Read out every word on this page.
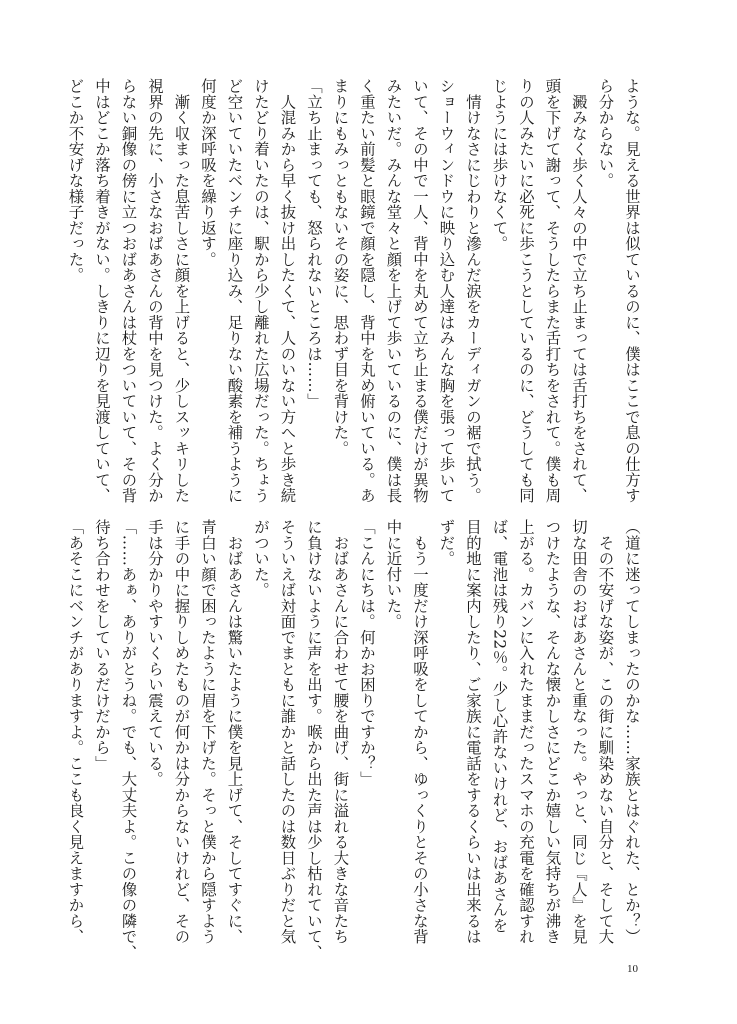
ような。見える世界は似ているのに、僕はここで息の仕方す
ら分からない。
　澱みなく歩く人々の中で立ち止まっては舌打ちをされて、
頭を下げて謝って、そうしたらまた舌打ちをされて。僕も周
りの人みたいに必死に歩こうとしているのに、どうしても同
じようには歩けなくて。
　情けなさにじわりと滲んだ涙をカーディガンの裾で拭う。
ショーウィンドウに映り込む人達はみんな胸を張って歩いて
いて、その中で一人、背中を丸めて立ち止まる僕だけが異物
みたいだ。みんな堂々と顔を上げて歩いているのに、僕は長
く重たい前髪と眼鏡で顔を隠し、背中を丸め俯いている。あ
まりにもみっともないその姿に、思わず目を背けた。
「立ち止まっても、怒られないところは……」
　人混みから早く抜け出したくて、人のいない方へと歩き続
けたどり着いたのは、駅から少し離れた広場だった。ちょう
ど空いていたベンチに座り込み、足りない酸素を補うように
何度か深呼吸を繰り返す。
　漸く収まった息苦しさに顔を上げると、少しスッキリした
視界の先に、小さなおばあさんの背中を見つけた。よく分か
らない銅像の傍に立つおばあさんは杖をついていて、その背
中はどこか落ち着きがない。しきりに辺りを見渡していて、
どこか不安げな様子だった。
（道に迷ってしまったのかな……家族とはぐれた、とか？）
　その不安げな姿が、この街に馴染めない自分と、そして大
切な田舎のおばあさんと重なった。やっと、同じ『人』を見
つけたような、そんな懐かしさにどこか嬉しい気持ちが沸き
上がる。カバンに入れたままだったスマホの充電を確認すれ
ば、電池は残り22％。少し心許ないけれど、おばあさんを
目的地に案内したり、ご家族に電話をするくらいは出来るは
ずだ。
　もう一度だけ深呼吸をしてから、ゆっくりとその小さな背
中に近付いた。
「こんにちは。何かお困りですか？」
　おばあさんに合わせて腰を曲げ、街に溢れる大きな音たち
に負けないように声を出す。喉から出た声は少し枯れていて、
そういえば対面でまともに誰かと話したのは数日ぶりだと気
がついた。
　おばあさんは驚いたように僕を見上げて、そしてすぐに、
青白い顔で困ったように眉を下げた。そっと僕から隠すよう
に手の中に握りしめたものが何かは分からないけれど、その
手は分かりやすいくらい震えている。
「……あぁ、ありがとうね。でも、大丈夫よ。この像の隣で、
待ち合わせをしているだけだから」
「あそこにベンチがありますよ。ここも良く見えますから、
10
